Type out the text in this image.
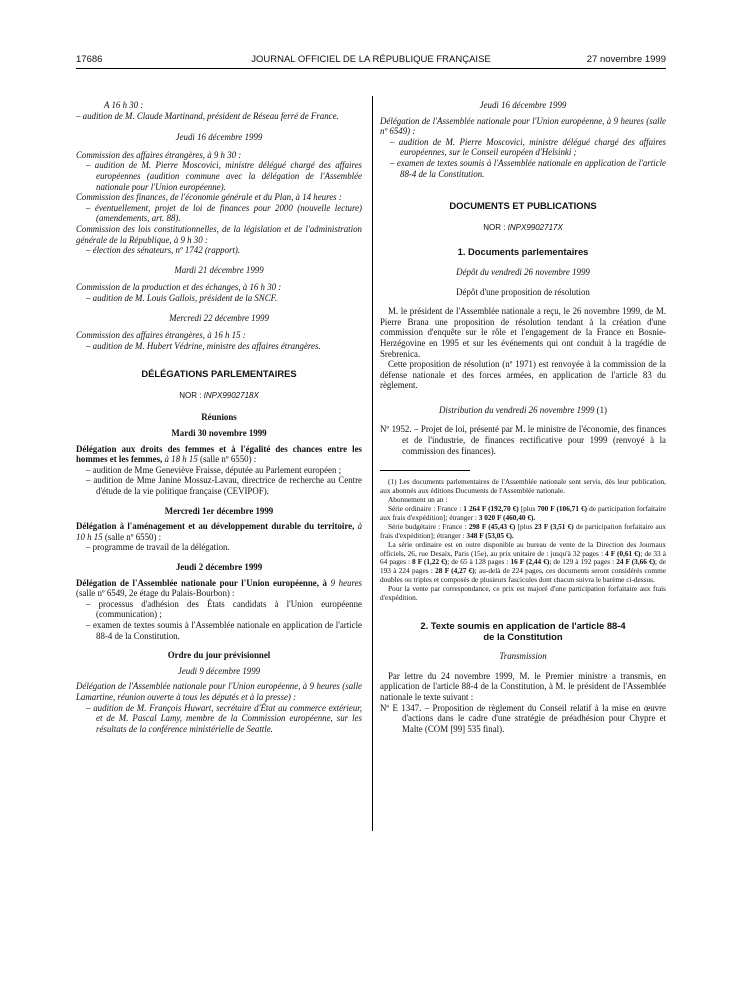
17686	JOURNAL OFFICIEL DE LA RÉPUBLIQUE FRANÇAISE	27 novembre 1999

A 16 h 30 :

– audition de M. Claude Martinand, président de Réseau ferré de France.

Jeudi 16 décembre 1999

Commission des affaires étrangères, à 9 h 30 :

– audition de M. Pierre Moscovici, ministre délégué chargé des affaires européennes (audition commune avec la délégation de l'Assemblée nationale pour l'Union européenne).

Commission des finances, de l'économie générale et du Plan, à 14 heures :

– éventuellement, projet de loi de finances pour 2000 (nouvelle lecture) (amendements, art. 88).

Commission des lois constitutionnelles, de la législation et de l'administration générale de la République, à 9 h 30 :

– élection des sénateurs, nº 1742 (rapport).

Mardi 21 décembre 1999

Commission de la production et des échanges, à 16 h 30 :

– audition de M. Louis Gallois, président de la SNCF.

Mercredi 22 décembre 1999

Commission des affaires étrangères, à 16 h 15 :

– audition de M. Hubert Védrine, ministre des affaires étrangères.

DÉLÉGATIONS PARLEMENTAIRES

NOR : INPX9902718X

Réunions

Mardi 30 novembre 1999

Délégation aux droits des femmes et à l'égalité des chances entre les hommes et les femmes, à 18 h 15 (salle nº 6550) :

– audition de Mme Geneviève Fraisse, députée au Parlement européen ;

– audition de Mme Janine Mossuz-Lavau, directrice de recherche au Centre d'étude de la vie politique française (CEVIPOF).

Mercredi 1er décembre 1999

Délégation à l'aménagement et au développement durable du territoire, à 10 h 15 (salle nº 6550) :

– programme de travail de la délégation.

Jeudi 2 décembre 1999

Délégation de l'Assemblée nationale pour l'Union européenne, à 9 heures (salle nº 6549, 2e étage du Palais-Bourbon) :

– processus d'adhésion des États candidats à l'Union européenne (communication) ;

– examen de textes soumis à l'Assemblée nationale en application de l'article 88-4 de la Constitution.

Ordre du jour prévisionnel

Jeudi 9 décembre 1999

Délégation de l'Assemblée nationale pour l'Union européenne, à 9 heures (salle Lamartine, réunion ouverte à tous les députés et à la presse) :

– audition de M. François Huwart, secrétaire d'État au commerce extérieur, et de M. Pascal Lamy, membre de la Commission européenne, sur les résultats de la conférence ministérielle de Seattle.

Jeudi 16 décembre 1999

Délégation de l'Assemblée nationale pour l'Union européenne, à 9 heures (salle nº 6549) :

– audition de M. Pierre Moscovici, ministre délégué chargé des affaires européennes, sur le Conseil européen d'Helsinki ;

– examen de textes soumis à l'Assemblée nationale en application de l'article 88-4 de la Constitution.

DOCUMENTS ET PUBLICATIONS

NOR : INPX9902717X

1. Documents parlementaires

Dépôt du vendredi 26 novembre 1999

Dépôt d'une proposition de résolution

M. le président de l'Assemblée nationale a reçu, le 26 novembre 1999, de M. Pierre Brana une proposition de résolution tendant à la création d'une commission d'enquête sur le rôle et l'engagement de la France en Bosnie-Herzégovine en 1995 et sur les événements qui ont conduit à la tragédie de Srebrenica.

Cette proposition de résolution (nº 1971) est renvoyée à la commission de la défense nationale et des forces armées, en application de l'article 83 du règlement.

Distribution du vendredi 26 novembre 1999 (1)

Nº 1952. – Projet de loi, présenté par M. le ministre de l'économie, des finances et de l'industrie, de finances rectificative pour 1999 (renvoyé à la commission des finances).

(1) Les documents parlementaires de l'Assemblée nationale sont servis, dès leur publication, aux abonnés aux éditions Documents de l'Assemblée nationale.

Abonnement un an :

Série ordinaire : France : 1 264 F (192,70 €) [plus 700 F (106,71 €) de participation forfaitaire aux frais d'expédition]; étranger : 3 020 F (460,40 €).

Série budgétaire : France : 298 F (45,43 €) [plus 23 F (3,51 €) de participation forfaitaire aux frais d'expédition]; étranger : 348 F (53,05 €).

La série ordinaire est en outre disponible au bureau de vente de la Direction des Journaux officiels, 26, rue Desaix, Paris (15e), au prix unitaire de : jusqu'à 32 pages : 4 F (0,61 €); de 33 à 64 pages : 8 F (1,22 €); de 65 à 128 pages : 16 F (2,44 €); de 129 à 192 pages : 24 F (3,66 €); de 193 à 224 pages : 28 F (4,27 €); au-delà de 224 pages, ces documents seront considérés comme doubles ou triples et composés de plusieurs fascicules dont chacun suivra le barème ci-dessus.

Pour la vente par correspondance, ce prix est majoré d'une participation forfaitaire aux frais d'expédition.

2. Texte soumis en application de l'article 88-4

de la Constitution

Transmission

Par lettre du 24 novembre 1999, M. le Premier ministre a transmis, en application de l'article 88-4 de la Constitution, à M. le président de l'Assemblée nationale le texte suivant :

Nº E 1347. – Proposition de règlement du Conseil relatif à la mise en œuvre d'actions dans le cadre d'une stratégie de préadhésion pour Chypre et Malte (COM [99] 535 final).
